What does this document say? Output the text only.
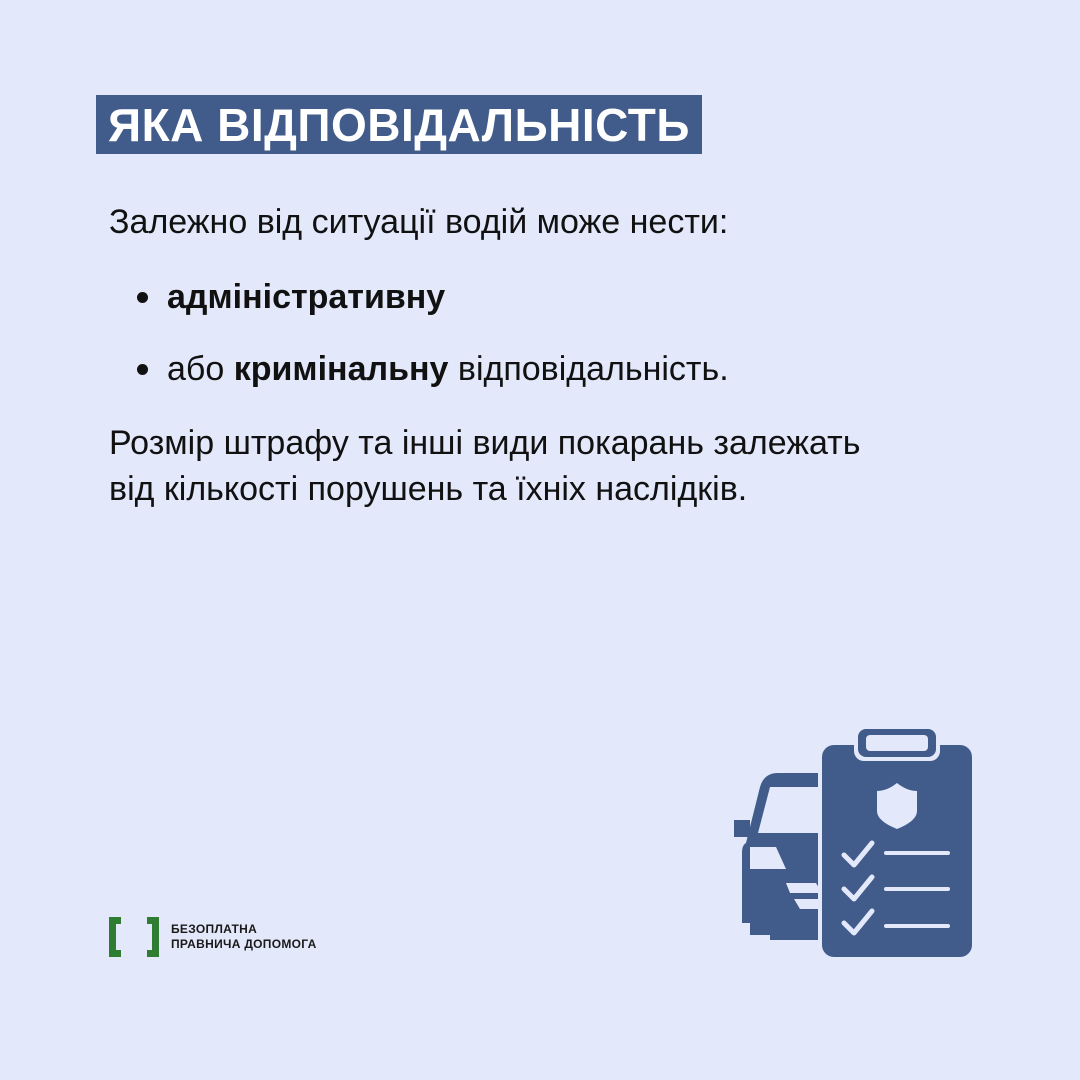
ЯКА ВІДПОВІДАЛЬНІСТЬ

Залежно від ситуації водій може нести:

адміністративну
або кримінальну відповідальність.

Розмір штрафу та інші види покарань залежать
від кількості порушень та їхніх наслідків.

БЕЗОПЛАТНА
ПРАВНИЧА ДОПОМОГА
